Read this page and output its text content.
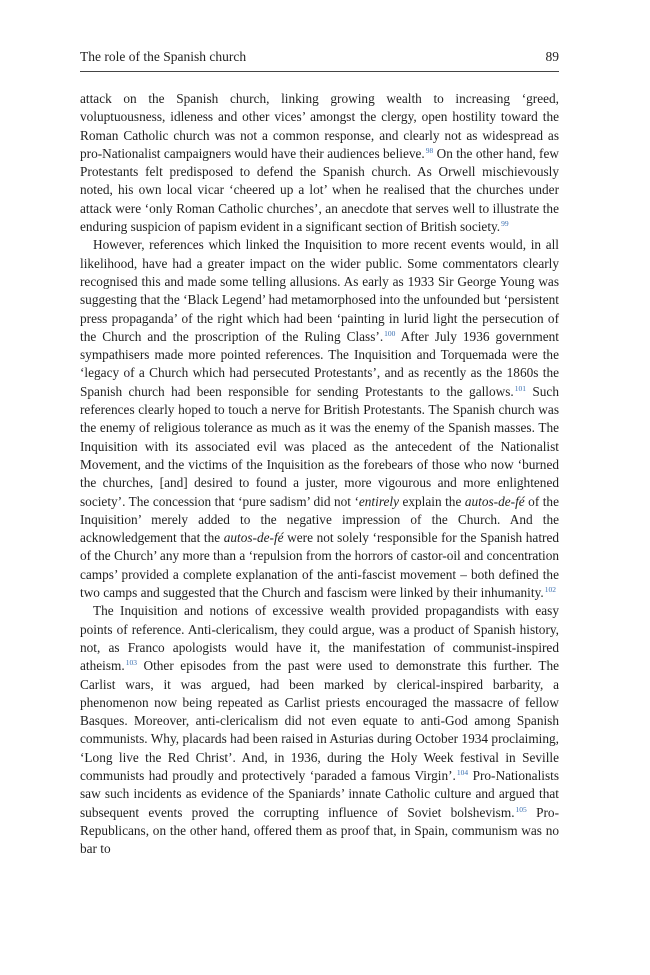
The role of the Spanish church	89

attack on the Spanish church, linking growing wealth to increasing ‘greed, voluptuousness, idleness and other vices’ amongst the clergy, open hostility toward the Roman Catholic church was not a common response, and clearly not as widespread as pro-Nationalist campaigners would have their audiences believe.$^{98}$ On the other hand, few Protestants felt predisposed to defend the Spanish church. As Orwell mischievously noted, his own local vicar ‘cheered up a lot’ when he realised that the churches under attack were ‘only Roman Catholic churches’, an anecdote that serves well to illustrate the enduring suspicion of papism evident in a significant section of British society.$^{99}$

However, references which linked the Inquisition to more recent events would, in all likelihood, have had a greater impact on the wider public. Some commentators clearly recognised this and made some telling allusions. As early as 1933 Sir George Young was suggesting that the ‘Black Legend’ had metamorphosed into the unfounded but ‘persistent press propaganda’ of the right which had been ‘painting in lurid light the persecution of the Church and the proscription of the Ruling Class’.$^{100}$ After July 1936 government sympathisers made more pointed references. The Inquisition and Torquemada were the ‘legacy of a Church which had persecuted Protestants’, and as recently as the 1860s the Spanish church had been responsible for sending Protestants to the gallows.$^{101}$ Such references clearly hoped to touch a nerve for British Protestants. The Spanish church was the enemy of religious tolerance as much as it was the enemy of the Spanish masses. The Inquisition with its associated evil was placed as the antecedent of the Nationalist Movement, and the victims of the Inquisition as the forebears of those who now ‘burned the churches, [and] desired to found a juster, more vigourous and more enlightened society’. The concession that ‘pure sadism’ did not ‘entirely explain the autos-de-fé of the Inquisition’ merely added to the negative impression of the Church. And the acknowledgement that the autos-de-fé were not solely ‘responsible for the Spanish hatred of the Church’ any more than a ‘repulsion from the horrors of castor-oil and concentration camps’ provided a complete explanation of the anti-fascist movement – both defined the two camps and suggested that the Church and fascism were linked by their inhumanity.$^{102}$

The Inquisition and notions of excessive wealth provided propagandists with easy points of reference. Anti-clericalism, they could argue, was a product of Spanish history, not, as Franco apologists would have it, the manifestation of communist-inspired atheism.$^{103}$ Other episodes from the past were used to demonstrate this further. The Carlist wars, it was argued, had been marked by clerical-inspired barbarity, a phenomenon now being repeated as Carlist priests encouraged the massacre of fellow Basques. Moreover, anti-clericalism did not even equate to anti-God among Spanish communists. Why, placards had been raised in Asturias during October 1934 proclaiming, ‘Long live the Red Christ’. And, in 1936, during the Holy Week festival in Seville communists had proudly and protectively ‘paraded a famous Virgin’.$^{104}$ Pro-Nationalists saw such incidents as evidence of the Spaniards’ innate Catholic culture and argued that subsequent events proved the corrupting influence of Soviet bolshevism.$^{105}$ Pro-Republicans, on the other hand, offered them as proof that, in Spain, communism was no bar to
